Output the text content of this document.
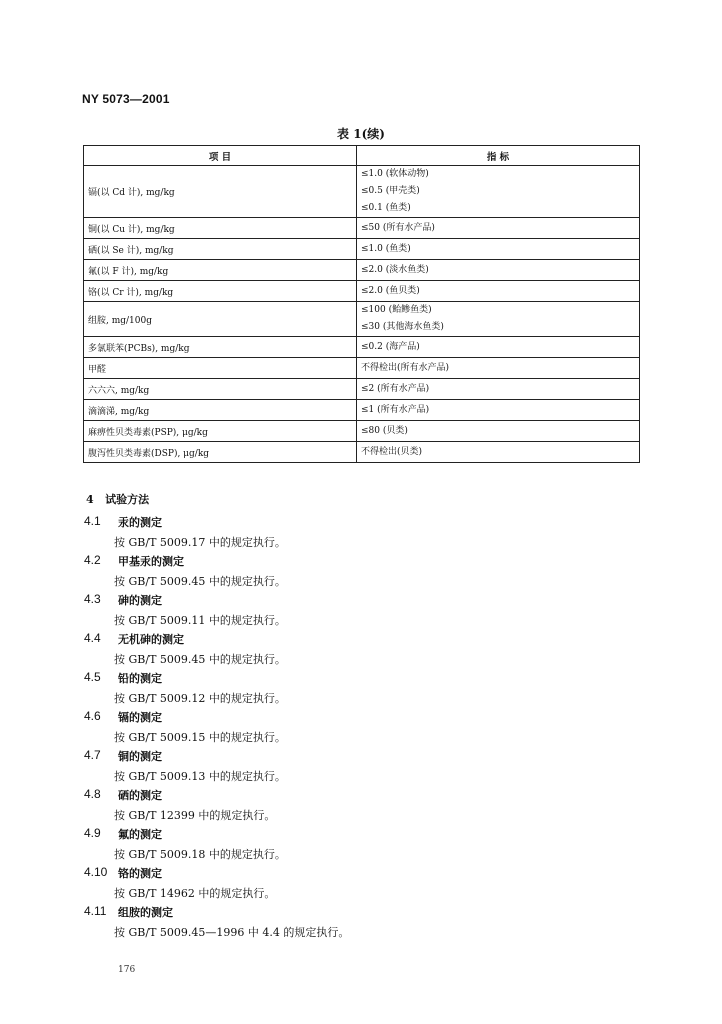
NY 5073—2001
表 1(续)
项 目	指 标
镉(以 Cd 计), mg/kg	≤1.0 (软体动物)
≤0.5 (甲壳类)
≤0.1 (鱼类)

铜(以 Cu 计), mg/kg	≤50 (所有水产品)

硒(以 Se 计), mg/kg	≤1.0 (鱼类)

氟(以 F 计), mg/kg	≤2.0 (淡水鱼类)

铬(以 Cr 计), mg/kg	≤2.0 (鱼贝类)

组胺, mg/100g	≤100 (鲐鲹鱼类)
≤30 (其他海水鱼类)

多氯联苯(PCBs), mg/kg	≤0.2 (海产品)

甲醛	不得检出(所有水产品)

六六六, mg/kg	≤2 (所有水产品)

滴滴涕, mg/kg	≤1 (所有水产品)

麻痹性贝类毒素(PSP), μg/kg	≤80 (贝类)

腹泻性贝类毒素(DSP), μg/kg	不得检出(贝类)
4 试验方法
4.1 汞的测定
按 GB/T 5009.17 中的规定执行。
4.2 甲基汞的测定
按 GB/T 5009.45 中的规定执行。
4.3 砷的测定
按 GB/T 5009.11 中的规定执行。
4.4 无机砷的测定
按 GB/T 5009.45 中的规定执行。
4.5 铅的测定
按 GB/T 5009.12 中的规定执行。
4.6 镉的测定
按 GB/T 5009.15 中的规定执行。
4.7 铜的测定
按 GB/T 5009.13 中的规定执行。
4.8 硒的测定
按 GB/T 12399 中的规定执行。
4.9 氟的测定
按 GB/T 5009.18 中的规定执行。
4.10 铬的测定
按 GB/T 14962 中的规定执行。
4.11 组胺的测定
按 GB/T 5009.45—1996 中 4.4 的规定执行。
176
